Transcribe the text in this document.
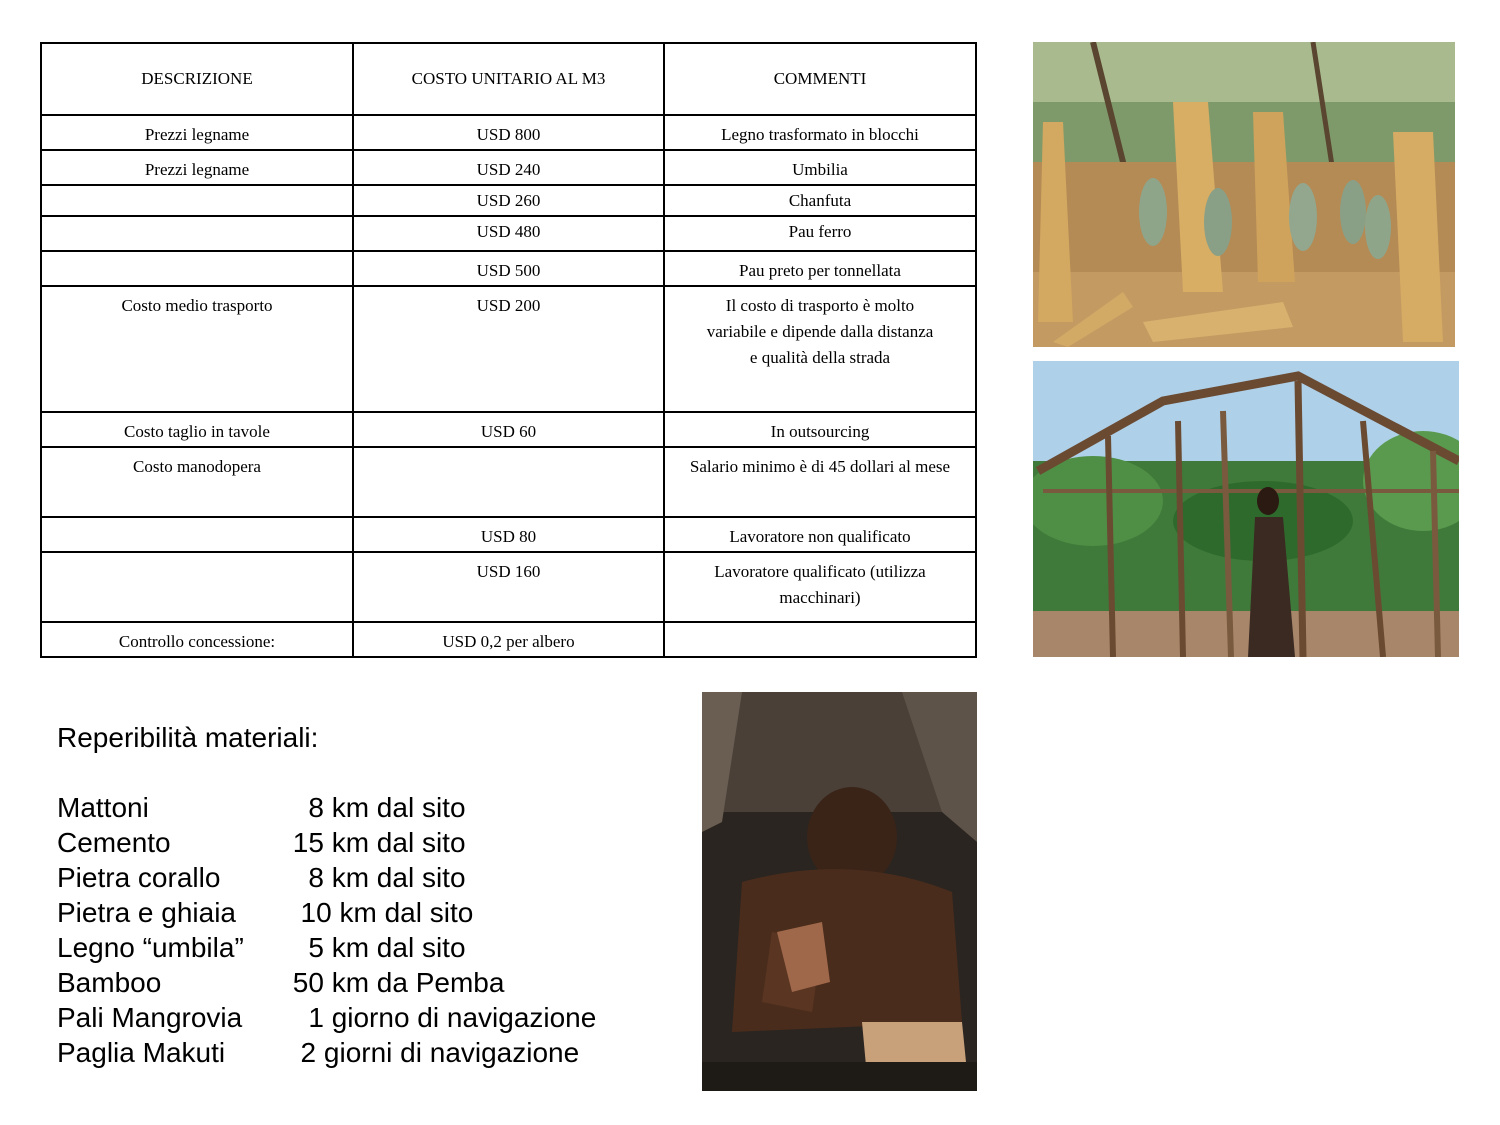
DESCRIZIONE	COSTO UNITARIO AL M3	COMMENTI
Prezzi legname	USD 800	Legno trasformato in blocchi
Prezzi legname	USD 240	Umbilia
	USD 260	Chanfuta
	USD 480	Pau ferro
	USD 500	Pau preto per tonnellata
Costo medio trasporto	USD 200	Il costo di trasporto è molto variabile e dipende dalla distanza e qualità della strada
Costo taglio in tavole	USD 60	In outsourcing
Costo manodopera		Salario minimo è di 45 dollari al mese
	USD 80	Lavoratore non qualificato
	USD 160	Lavoratore qualificato (utilizza macchinari)
Controllo concessione:	USD 0,2 per albero	
Reperibilità materiali:
Mattoni	8 km dal sito
Cemento	15 km dal sito
Pietra corallo	8 km dal sito
Pietra e ghiaia	10 km dal sito
Legno “umbila”	5 km dal sito
Bamboo	50 km da Pemba
Pali Mangrovia	1 giorno di navigazione
Paglia Makuti	2 giorni di navigazione
